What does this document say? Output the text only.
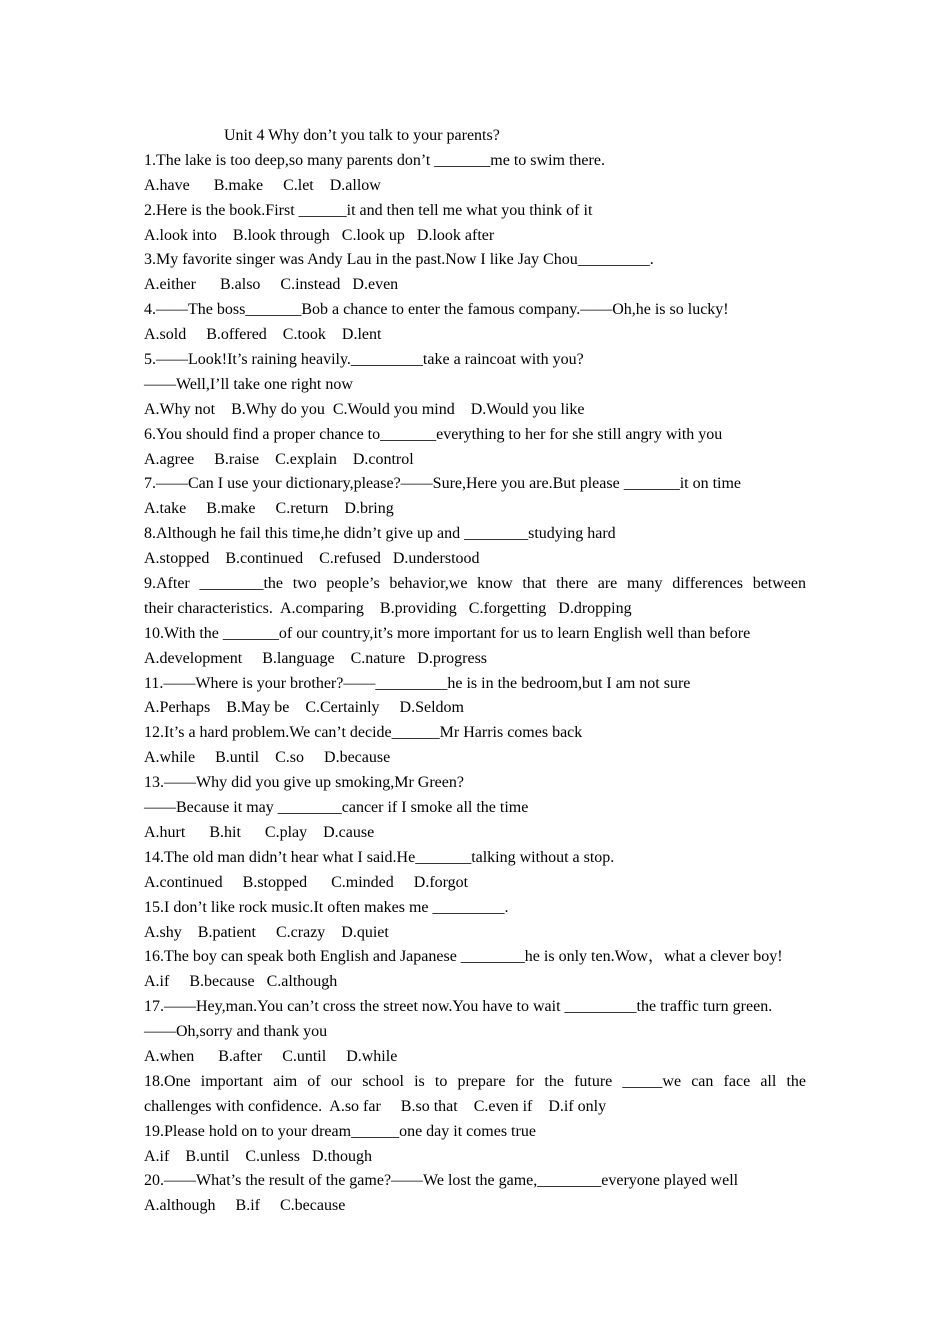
Unit 4 Why don’t you talk to your parents?
1.The lake is too deep,so many parents don’t _______me to swim there.
A.have      B.make     C.let    D.allow
2.Here is the book.First ______it and then tell me what you think of it
A.look into    B.look through   C.look up   D.look after
3.My favorite singer was Andy Lau in the past.Now I like Jay Chou_________.
A.either      B.also     C.instead   D.even
4.——The boss_______Bob a chance to enter the famous company.——Oh,he is so lucky!
A.sold     B.offered    C.took    D.lent
5.——Look!It’s raining heavily._________take a raincoat with you?
——Well,I’ll take one right now
A.Why not    B.Why do you  C.Would you mind    D.Would you like
6.You should find a proper chance to_______everything to her for she still angry with you
A.agree     B.raise    C.explain    D.control
7.——Can I use your dictionary,please?——Sure,Here you are.But please _______it on time
A.take     B.make     C.return    D.bring
8.Although he fail this time,he didn’t give up and ________studying hard
A.stopped    B.continued    C.refused   D.understood
9.After ________the two people’s behavior,we know that there are many differences between
their characteristics.  A.comparing    B.providing   C.forgetting   D.dropping
10.With the _______of our country,it’s more important for us to learn English well than before
A.development     B.language    C.nature   D.progress
11.——Where is your brother?——_________he is in the bedroom,but I am not sure
A.Perhaps    B.May be    C.Certainly     D.Seldom
12.It’s a hard problem.We can’t decide______Mr Harris comes back
A.while     B.until    C.so     D.because
13.——Why did you give up smoking,Mr Green?
——Because it may ________cancer if I smoke all the time
A.hurt      B.hit      C.play    D.cause
14.The old man didn’t hear what I said.He_______talking without a stop.
A.continued     B.stopped      C.minded     D.forgot
15.I don’t like rock music.It often makes me _________.
A.shy    B.patient     C.crazy    D.quiet
16.The boy can speak both English and Japanese ________he is only ten.Wow，what a clever boy!
A.if     B.because   C.although
17.——Hey,man.You can’t cross the street now.You have to wait _________the traffic turn green.
——Oh,sorry and thank you
A.when      B.after     C.until     D.while
18.One important aim of our school is to prepare for the future _____we can face all the
challenges with confidence.  A.so far     B.so that    C.even if    D.if only
19.Please hold on to your dream______one day it comes true
A.if    B.until    C.unless   D.though
20.——What’s the result of the game?——We lost the game,________everyone played well
A.although     B.if     C.because
